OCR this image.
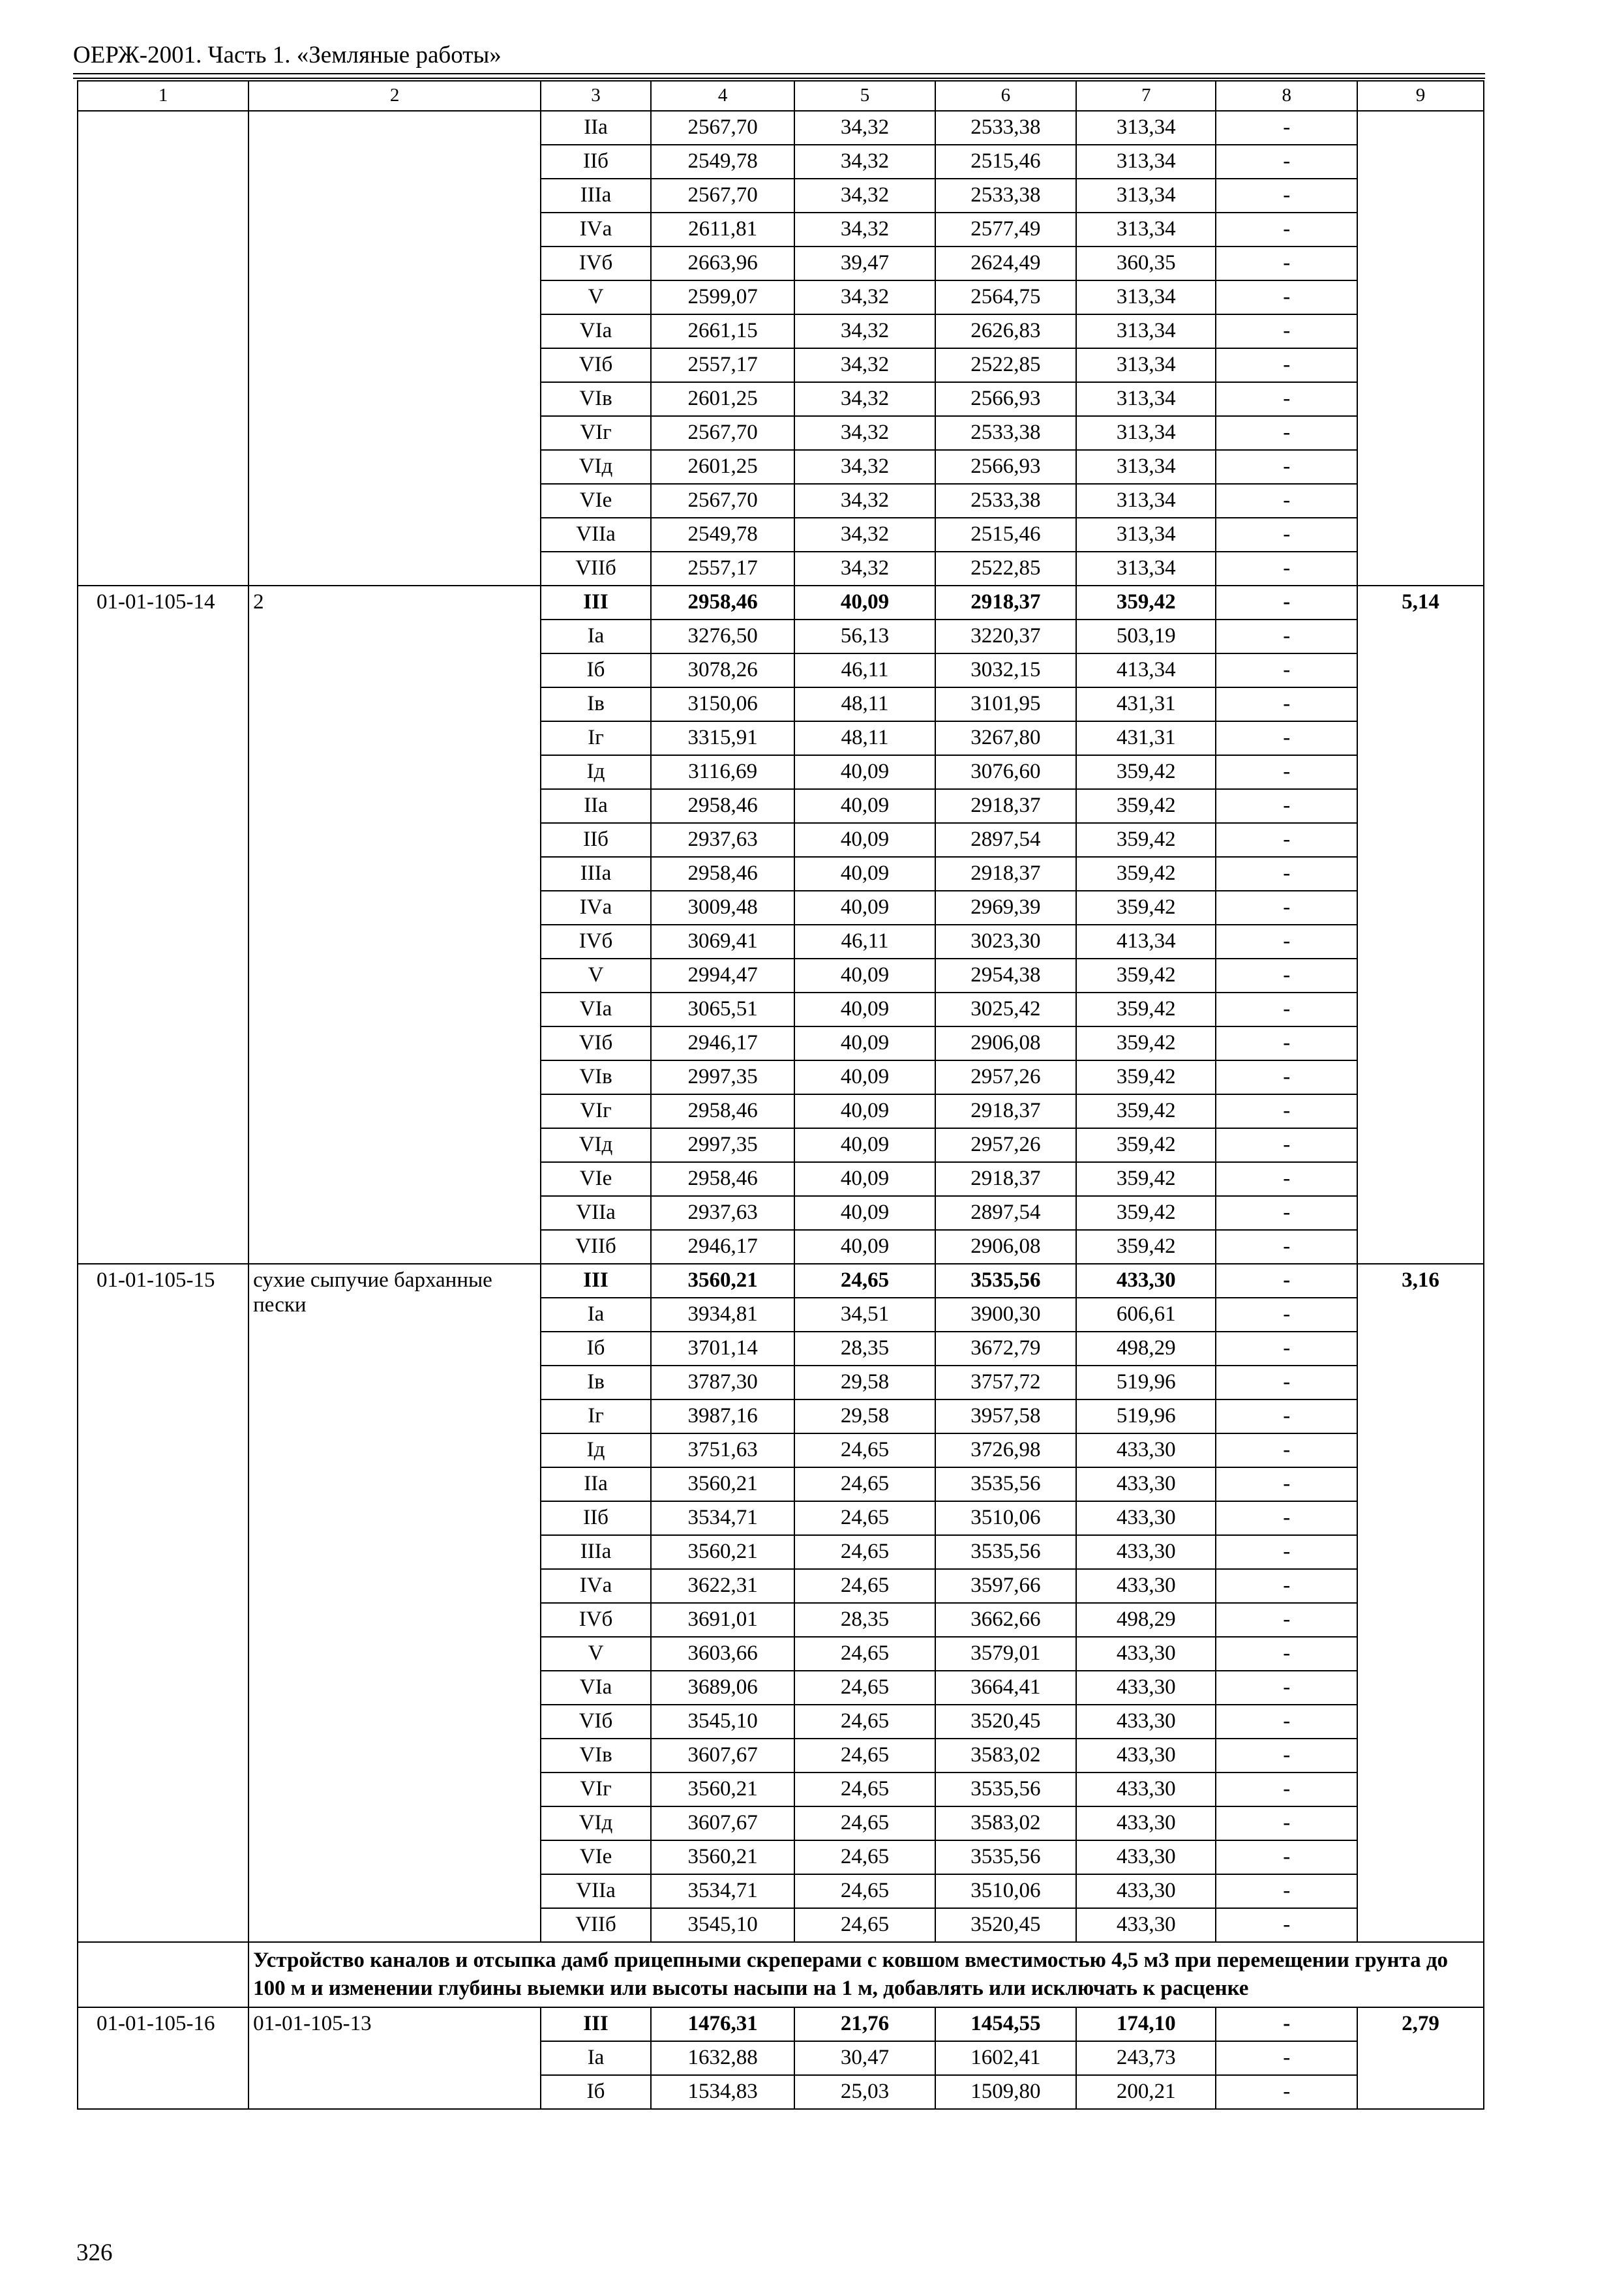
ОЕРЖ-2001. Часть 1. «Земляные работы»
1	2	3	4	5	6	7	8	9
		IIа	2567,70	34,32	2533,38	313,34	-	
		IIб	2549,78	34,32	2515,46	313,34	-	
		IIIа	2567,70	34,32	2533,38	313,34	-	
		IVа	2611,81	34,32	2577,49	313,34	-	
		IVб	2663,96	39,47	2624,49	360,35	-	
		V	2599,07	34,32	2564,75	313,34	-	
		VIа	2661,15	34,32	2626,83	313,34	-	
		VIб	2557,17	34,32	2522,85	313,34	-	
		VIв	2601,25	34,32	2566,93	313,34	-	
		VIг	2567,70	34,32	2533,38	313,34	-	
		VIд	2601,25	34,32	2566,93	313,34	-	
		VIе	2567,70	34,32	2533,38	313,34	-	
		VIIа	2549,78	34,32	2515,46	313,34	-	
		VIIб	2557,17	34,32	2522,85	313,34	-	
01-01-105-14	2	III	2958,46	40,09	2918,37	359,42	-	5,14
		Iа	3276,50	56,13	3220,37	503,19	-	
		Iб	3078,26	46,11	3032,15	413,34	-	
		Iв	3150,06	48,11	3101,95	431,31	-	
		Iг	3315,91	48,11	3267,80	431,31	-	
		Iд	3116,69	40,09	3076,60	359,42	-	
		IIа	2958,46	40,09	2918,37	359,42	-	
		IIб	2937,63	40,09	2897,54	359,42	-	
		IIIа	2958,46	40,09	2918,37	359,42	-	
		IVа	3009,48	40,09	2969,39	359,42	-	
		IVб	3069,41	46,11	3023,30	413,34	-	
		V	2994,47	40,09	2954,38	359,42	-	
		VIа	3065,51	40,09	3025,42	359,42	-	
		VIб	2946,17	40,09	2906,08	359,42	-	
		VIв	2997,35	40,09	2957,26	359,42	-	
		VIг	2958,46	40,09	2918,37	359,42	-	
		VIд	2997,35	40,09	2957,26	359,42	-	
		VIе	2958,46	40,09	2918,37	359,42	-	
		VIIа	2937,63	40,09	2897,54	359,42	-	
		VIIб	2946,17	40,09	2906,08	359,42	-	
01-01-105-15	сухие сыпучие барханные пески	III	3560,21	24,65	3535,56	433,30	-	3,16
		Iа	3934,81	34,51	3900,30	606,61	-	
		Iб	3701,14	28,35	3672,79	498,29	-	
		Iв	3787,30	29,58	3757,72	519,96	-	
		Iг	3987,16	29,58	3957,58	519,96	-	
		Iд	3751,63	24,65	3726,98	433,30	-	
		IIа	3560,21	24,65	3535,56	433,30	-	
		IIб	3534,71	24,65	3510,06	433,30	-	
		IIIа	3560,21	24,65	3535,56	433,30	-	
		IVа	3622,31	24,65	3597,66	433,30	-	
		IVб	3691,01	28,35	3662,66	498,29	-	
		V	3603,66	24,65	3579,01	433,30	-	
		VIа	3689,06	24,65	3664,41	433,30	-	
		VIб	3545,10	24,65	3520,45	433,30	-	
		VIв	3607,67	24,65	3583,02	433,30	-	
		VIг	3560,21	24,65	3535,56	433,30	-	
		VIд	3607,67	24,65	3583,02	433,30	-	
		VIе	3560,21	24,65	3535,56	433,30	-	
		VIIа	3534,71	24,65	3510,06	433,30	-	
		VIIб	3545,10	24,65	3520,45	433,30	-	
	Устройство каналов и отсыпка дамб прицепными скреперами с ковшом вместимостью 4,5 м3 при перемещении грунта до 100 м и изменении глубины выемки или высоты насыпи на 1 м, добавлять или исключать к расценке							
01-01-105-16	01-01-105-13	III	1476,31	21,76	1454,55	174,10	-	2,79
		Iа	1632,88	30,47	1602,41	243,73	-	
		Iб	1534,83	25,03	1509,80	200,21	-	
326
